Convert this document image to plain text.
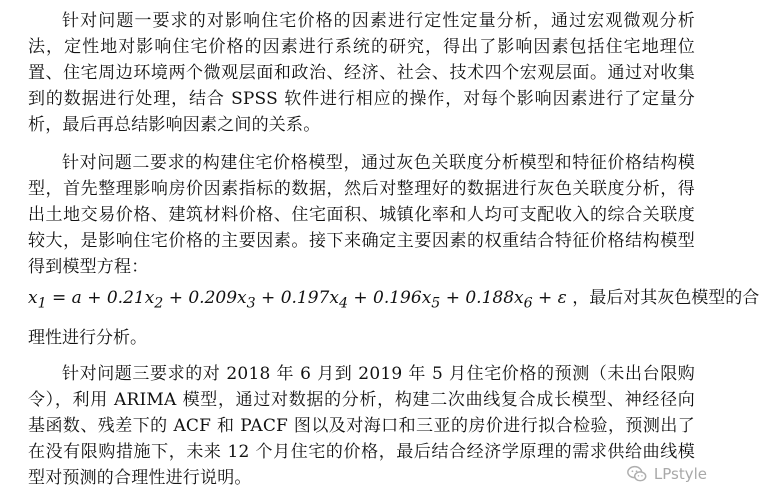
针对问题一要求的对影响住宅价格的因素进行定性定量分析，通过宏观微观分析法，定性地对影响住宅价格的因素进行系统的研究，得出了影响因素包括住宅地理位置、住宅周边环境两个微观层面和政治、经济、社会、技术四个宏观层面。通过对收集到的数据进行处理，结合 SPSS 软件进行相应的操作，对每个影响因素进行了定量分析，最后再总结影响因素之间的关系。

针对问题二要求的构建住宅价格模型，通过灰色关联度分析模型和特征价格结构模型，首先整理影响房价因素指标的数据，然后对整理好的数据进行灰色关联度分析，得出土地交易价格、建筑材料价格、住宅面积、城镇化率和人均可支配收入的综合关联度较大，是影响住宅价格的主要因素。接下来确定主要因素的权重结合特征价格结构模型得到模型方程：

$x_1 = a + 0.21x_2 + 0.209x_3 + 0.197x_4 + 0.196x_5 + 0.188x_6 + \varepsilon$ ，最后对其灰色模型的合

理性进行分析。

针对问题三要求的对 2018 年 6 月到 2019 年 5 月住宅价格的预测（未出台限购令），利用 ARIMA 模型，通过对数据的分析，构建二次曲线复合成长模型、神经径向基函数、残差下的 ACF 和 PACF 图以及对海口和三亚的房价进行拟合检验，预测出了在没有限购措施下，未来 12 个月住宅的价格，最后结合经济学原理的需求供给曲线模型对预测的合理性进行说明。	LPstyle
